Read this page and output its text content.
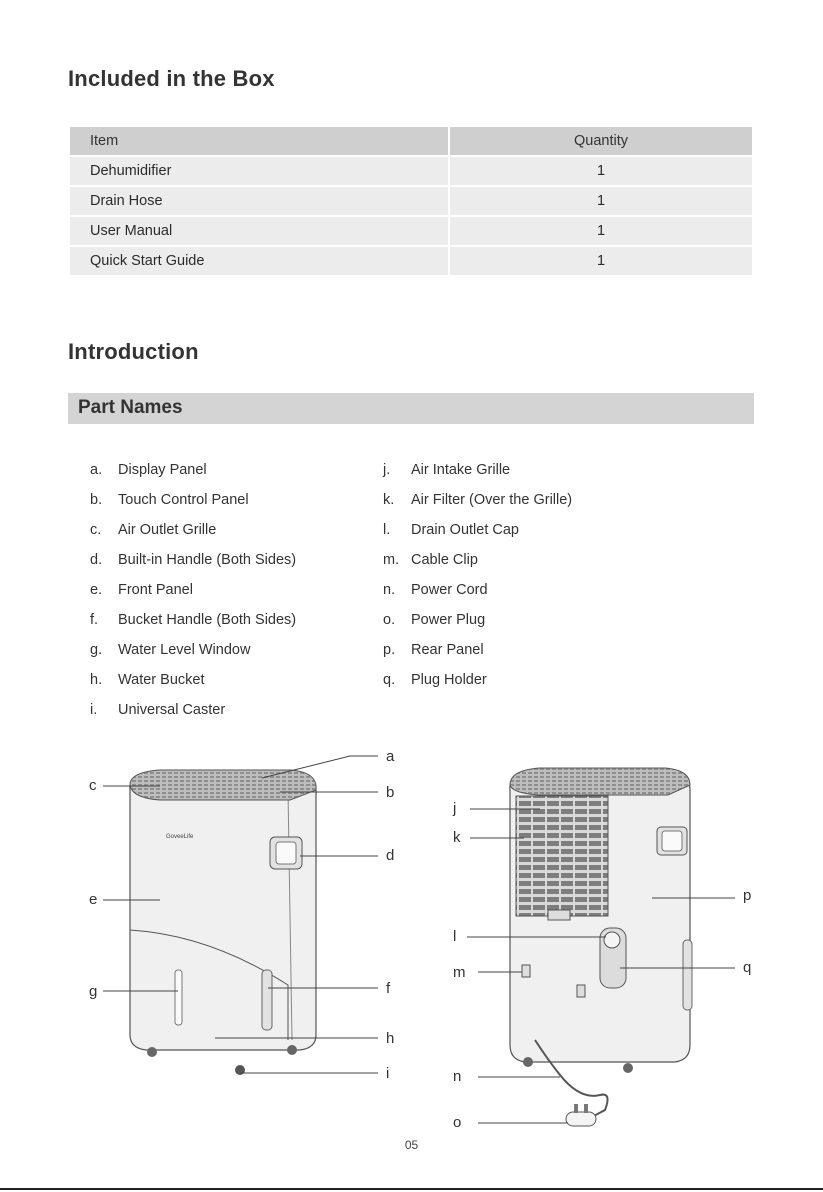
Included in the Box
Item	Quantity
Dehumidifier	1
Drain Hose	1
User Manual	1
Quick Start Guide	1
Introduction
Part Names
a. Display Panel
b. Touch Control Panel
c. Air Outlet Grille
d. Built-in Handle (Both Sides)
e. Front Panel
f. Bucket Handle (Both Sides)
g. Water Level Window
h. Water Bucket
i. Universal Caster
j. Air Intake Grille
k. Air Filter (Over the Grille)
l. Drain Outlet Cap
m. Cable Clip
n. Power Cord
o. Power Plug
p. Rear Panel
q. Plug Holder
GoveeLife
a
b
c
d
e
f
g
h
i
j
k
l
m
n
o
p
q
05
